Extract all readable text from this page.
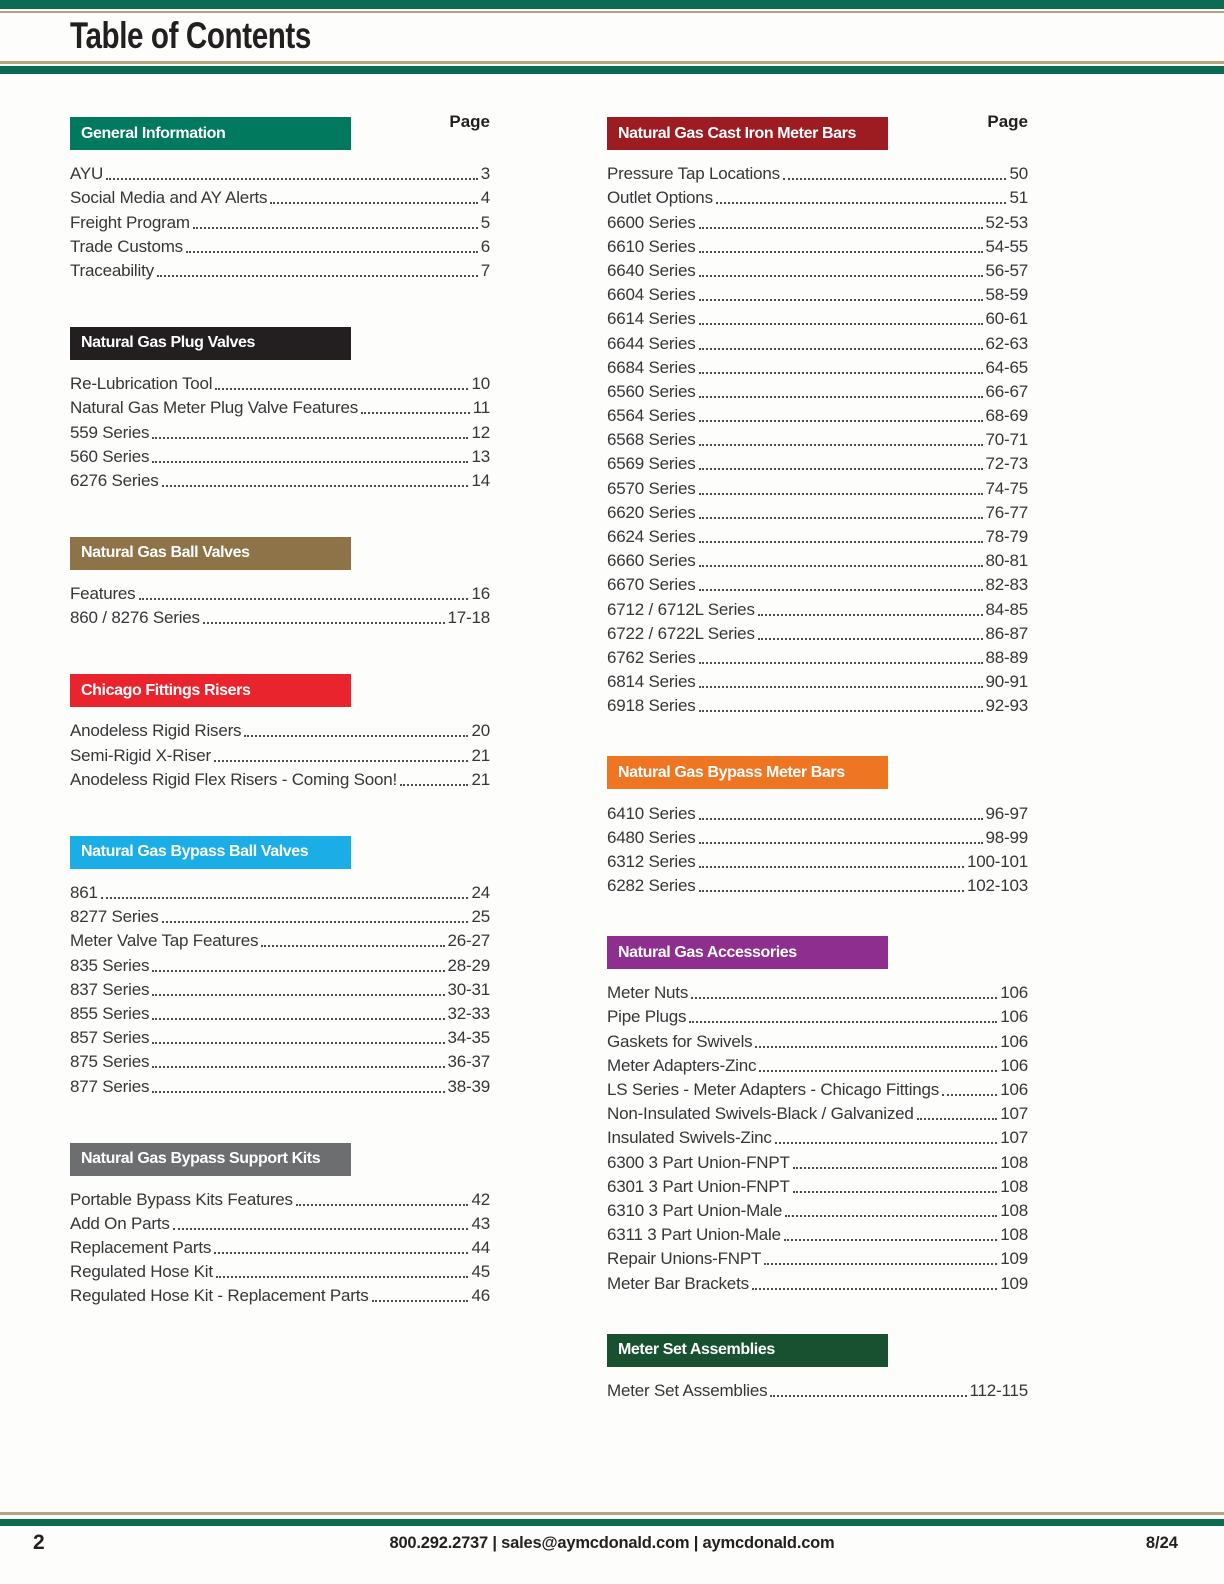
Table of Contents
Page
General Information
AYU	3
Social Media and AY Alerts	4
Freight Program	5
Trade Customs	6
Traceability	7
Natural Gas Plug Valves
Re-Lubrication Tool	10
Natural Gas Meter Plug Valve Features	11
559 Series	12
560 Series	13
6276 Series	14
Natural Gas Ball Valves
Features	16
860 / 8276 Series	17-18
Chicago Fittings Risers
Anodeless Rigid Risers	20
Semi-Rigid X-Riser	21
Anodeless Rigid Flex Risers - Coming Soon!	21
Natural Gas Bypass Ball Valves
861	24
8277 Series	25
Meter Valve Tap Features	26-27
835 Series	28-29
837 Series	30-31
855 Series	32-33
857 Series	34-35
875 Series	36-37
877 Series	38-39
Natural Gas Bypass Support Kits
Portable Bypass Kits Features	42
Add On Parts	43
Replacement Parts	44
Regulated Hose Kit	45
Regulated Hose Kit - Replacement Parts	46
Page
Natural Gas Cast Iron Meter Bars
Pressure Tap Locations	50
Outlet Options	51
6600 Series	52-53
6610 Series	54-55
6640 Series	56-57
6604 Series	58-59
6614 Series	60-61
6644 Series	62-63
6684 Series	64-65
6560 Series	66-67
6564 Series	68-69
6568 Series	70-71
6569 Series	72-73
6570 Series	74-75
6620 Series	76-77
6624 Series	78-79
6660 Series	80-81
6670 Series	82-83
6712 / 6712L Series	84-85
6722 / 6722L Series	86-87
6762 Series	88-89
6814 Series	90-91
6918 Series	92-93
Natural Gas Bypass Meter Bars
6410 Series	96-97
6480 Series	98-99
6312 Series	100-101
6282 Series	102-103
Natural Gas Accessories
Meter Nuts	106
Pipe Plugs	106
Gaskets for Swivels	106
Meter Adapters-Zinc	106
LS Series - Meter Adapters - Chicago Fittings	106
Non-Insulated Swivels-Black / Galvanized	107
Insulated Swivels-Zinc	107
6300 3 Part Union-FNPT	108
6301 3 Part Union-FNPT	108
6310 3 Part Union-Male	108
6311 3 Part Union-Male	108
Repair Unions-FNPT	109
Meter Bar Brackets	109
Meter Set Assemblies
Meter Set Assemblies	112-115
2	800.292.2737 | sales@aymcdonald.com | aymcdonald.com	8/24
